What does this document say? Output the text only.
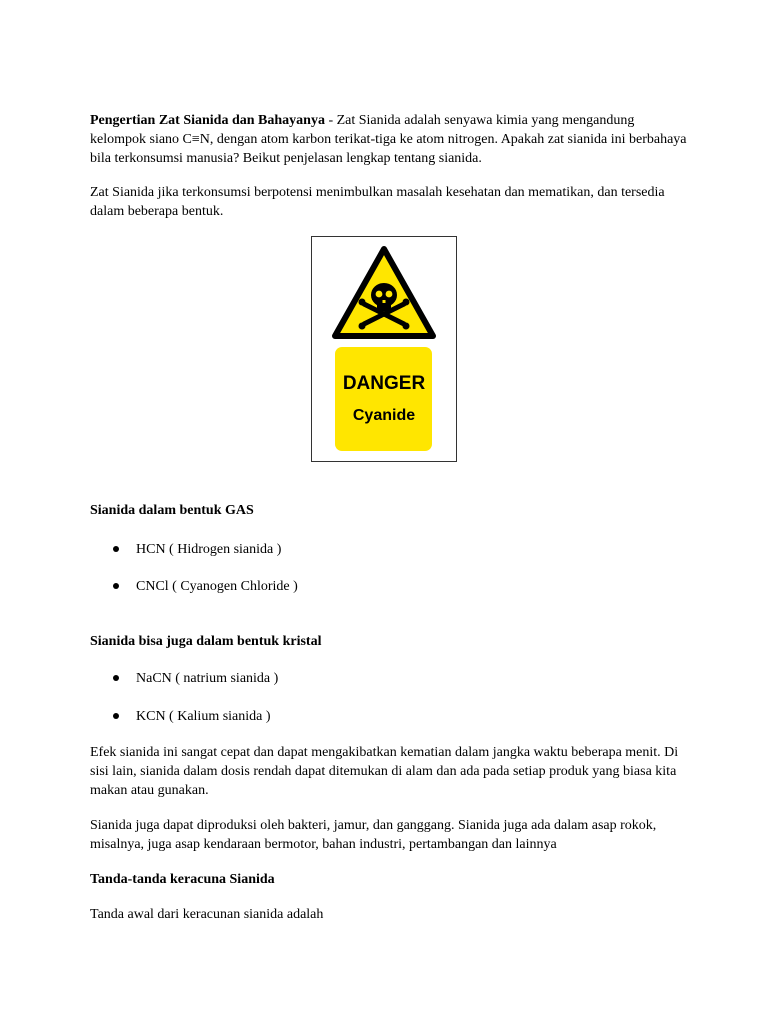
Pengertian Zat Sianida dan Bahayanya - Zat Sianida adalah senyawa kimia yang mengandung kelompok siano C≡N, dengan atom karbon terikat-tiga ke atom nitrogen. Apakah zat sianida ini berbahaya bila terkonsumsi manusia? Beikut penjelasan lengkap tentang sianida.

Zat Sianida jika terkonsumsi berpotensi menimbulkan masalah kesehatan dan mematikan, dan tersedia dalam beberapa bentuk.

DANGER
Cyanide

Sianida dalam bentuk GAS

HCN ( Hidrogen sianida )
CNCl ( Cyanogen Chloride )

Sianida bisa juga dalam bentuk kristal

NaCN ( natrium sianida )
KCN ( Kalium sianida )

Efek sianida ini sangat cepat dan dapat mengakibatkan kematian dalam jangka waktu beberapa menit. Di sisi lain, sianida dalam dosis rendah dapat ditemukan di alam dan ada pada setiap produk yang biasa kita makan atau gunakan.

Sianida juga dapat diproduksi oleh bakteri, jamur, dan ganggang. Sianida juga ada dalam asap rokok, misalnya, juga asap kendaraan bermotor, bahan industri, pertambangan dan lainnya

Tanda-tanda keracuna Sianida

Tanda awal dari keracunan sianida adalah
